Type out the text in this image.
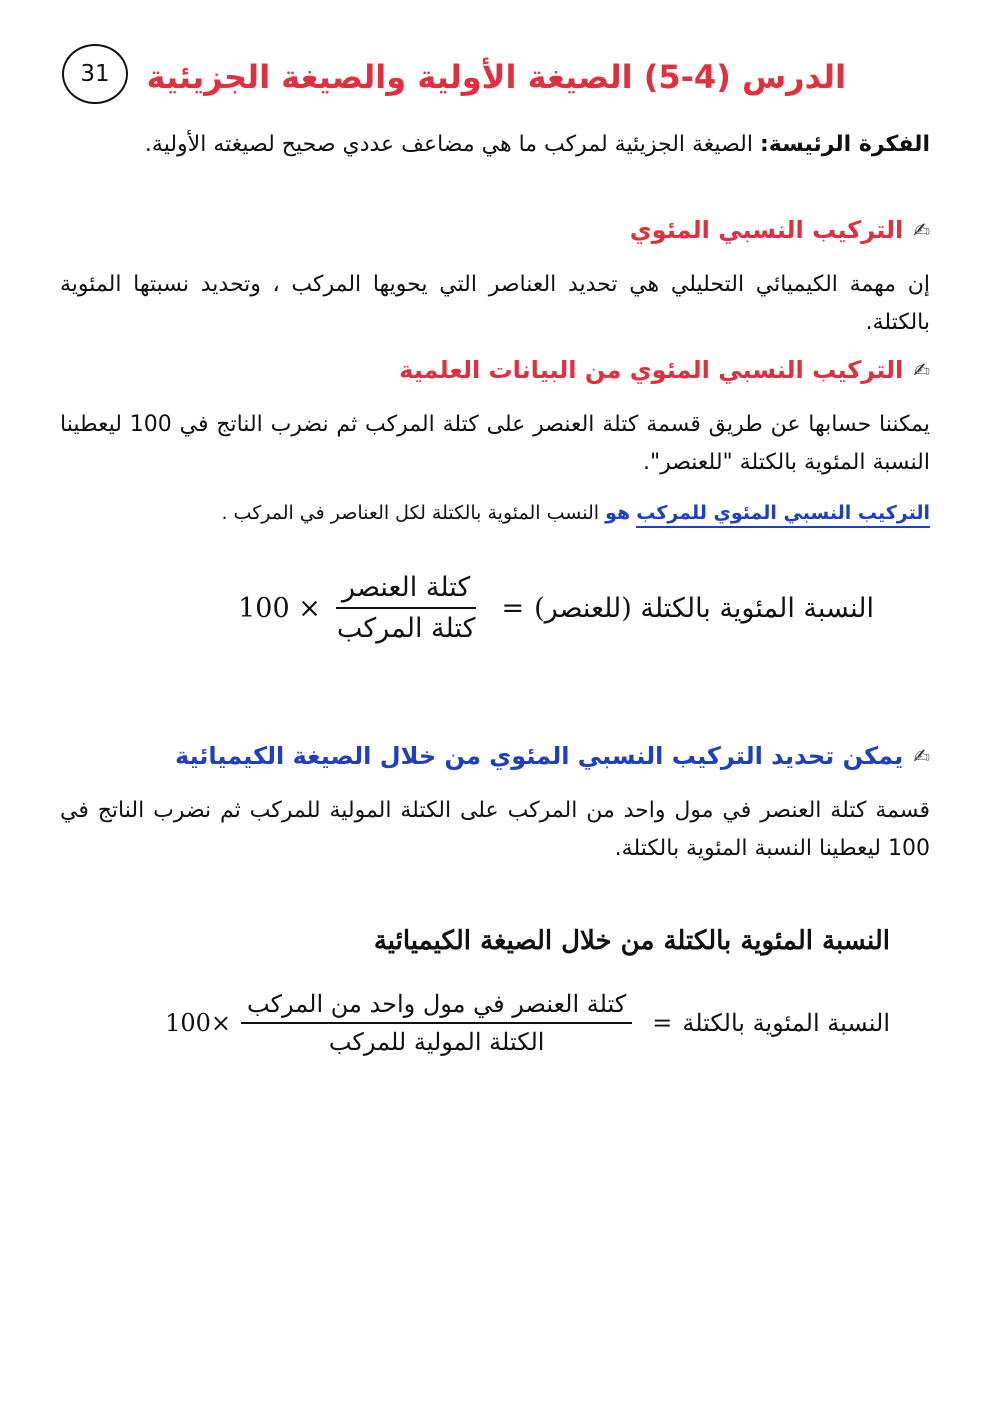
31	الدرس (5-4) الصيغة الأولية والصيغة الجزيئية
الفكرة الرئيسة: الصيغة الجزيئية لمركب ما هي مضاعف عددي صحيح لصيغته الأولية.
✍
التركيب النسبي المئوي
إن مهمة الكيميائي التحليلي هي تحديد العناصر التي يحويها المركب ، وتحديد نسبتها المئوية بالكتلة.
✍
التركيب النسبي المئوي من البيانات العلمية
يمكننا حسابها عن طريق قسمة كتلة العنصر على كتلة المركب ثم نضرب الناتج في 100 ليعطينا النسبة المئوية بالكتلة "للعنصر".
التركيب النسبي المئوي للمركب هو النسب المئوية بالكتلة لكل العناصر في المركب .
النسبة المئوية بالكتلة (للعنصر)
=
$\frac{\text{كتلة العنصر}}{\text{كتلة المركب}}$
100 ×
✍
يمكن تحديد التركيب النسبي المئوي من خلال الصيغة الكيميائية
قسمة كتلة العنصر في مول واحد من المركب على الكتلة المولية للمركب ثم نضرب الناتج في 100 ليعطينا النسبة المئوية بالكتلة.
النسبة المئوية بالكتلة من خلال الصيغة الكيميائية
النسبة المئوية بالكتلة
=
$\frac{\text{كتلة العنصر في مول واحد من المركب}}{\text{الكتلة المولية للمركب}}$
100×
